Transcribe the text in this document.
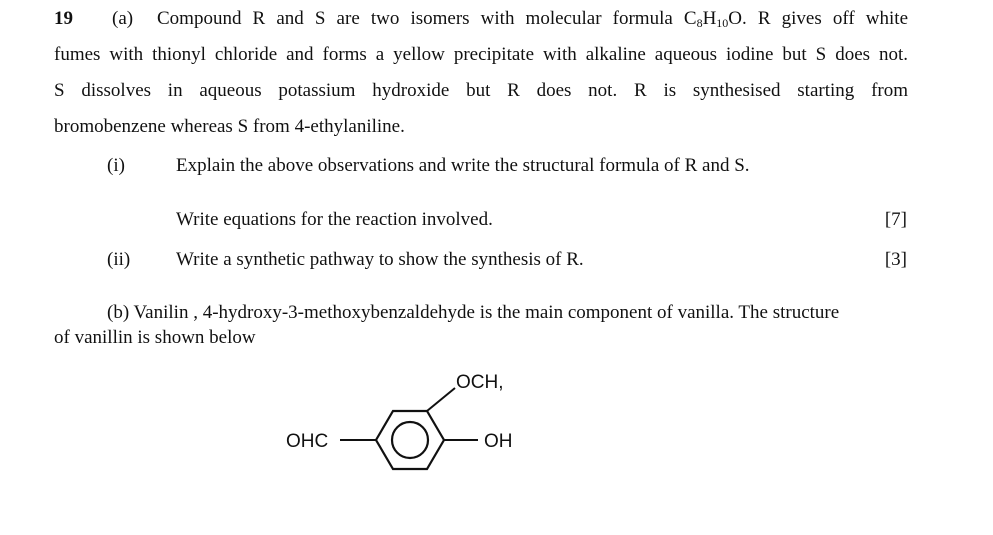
19 (a) Compound R and S are two isomers with molecular formula $C_8H_{10}O$. R gives off white
fumes with thionyl chloride and forms a yellow precipitate with alkaline aqueous iodine but S does not.
S dissolves in aqueous potassium hydroxide but R does not. R is synthesised starting from
bromobenzene whereas S from 4-ethylaniline.
(i)	Explain the above observations and write the structural formula of R and S.
Write equations for the reaction involved.	[7]
(ii) Write a synthetic pathway to show the synthesis of R.	[3]
(b) Vanilin , 4-hydroxy-3-methoxybenzaldehyde is the main component of vanilla. The structure
of vanillin is shown below
OHC
OCH,
OH
